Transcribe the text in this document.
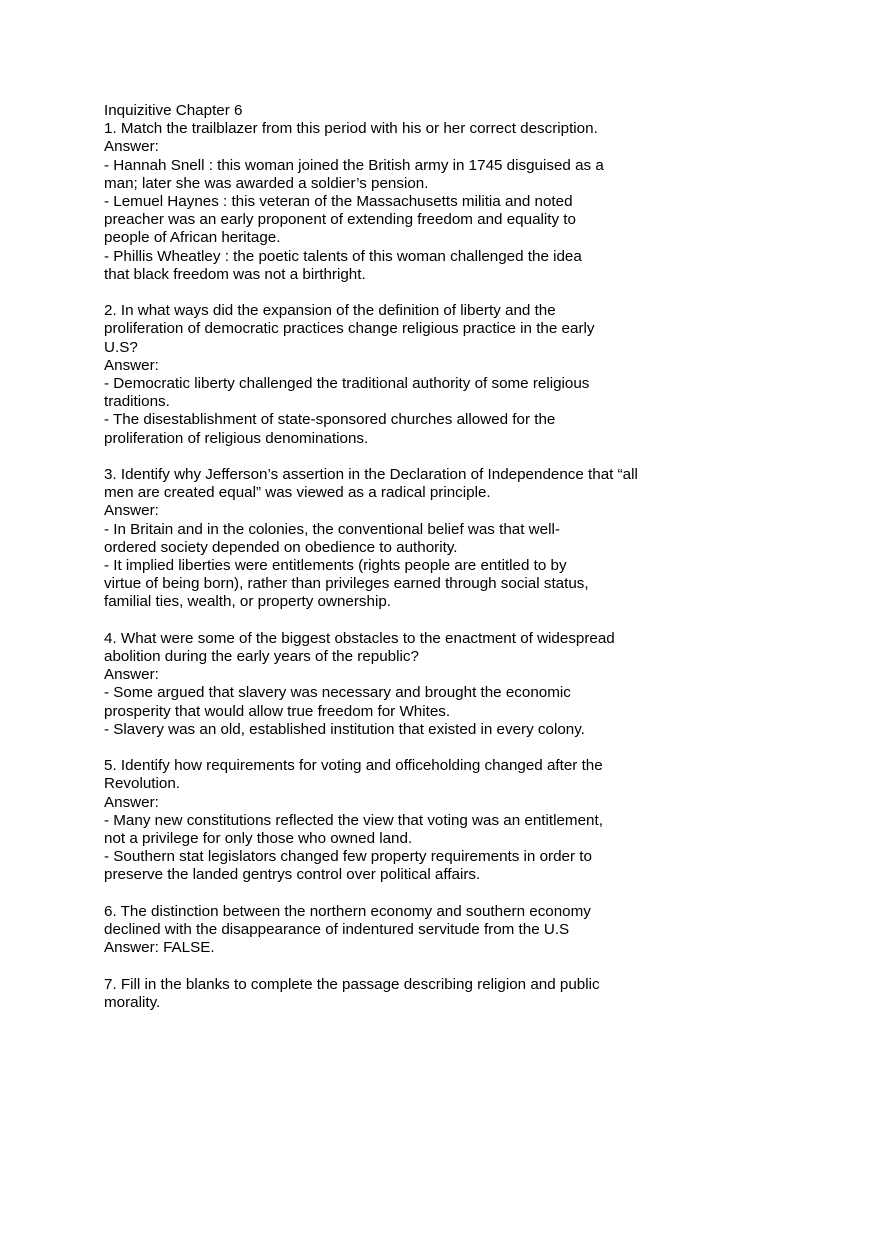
Inquizitive Chapter 6
1. Match the trailblazer from this period with his or her correct description.
Answer:
- Hannah Snell : this woman joined the British army in 1745 disguised as a
man; later she was awarded a soldier’s pension.
- Lemuel Haynes : this veteran of the Massachusetts militia and noted
preacher was an early proponent of extending freedom and equality to
people of African heritage.
- Phillis Wheatley : the poetic talents of this woman challenged the idea
that black freedom was not a birthright.
2. In what ways did the expansion of the definition of liberty and the
proliferation of democratic practices change religious practice in the early
U.S?
Answer:
- Democratic liberty challenged the traditional authority of some religious
traditions.
- The disestablishment of state-sponsored churches allowed for the
proliferation of religious denominations.
3. Identify why Jefferson’s assertion in the Declaration of Independence that “all
men are created equal” was viewed as a radical principle.
Answer:
- In Britain and in the colonies, the conventional belief was that well-
ordered society depended on obedience to authority.
- It implied liberties were entitlements (rights people are entitled to by
virtue of being born), rather than privileges earned through social status,
familial ties, wealth, or property ownership.
4. What were some of the biggest obstacles to the enactment of widespread
abolition during the early years of the republic?
Answer:
- Some argued that slavery was necessary and brought the economic
prosperity that would allow true freedom for Whites.
- Slavery was an old, established institution that existed in every colony.
5. Identify how requirements for voting and officeholding changed after the
Revolution.
Answer:
- Many new constitutions reflected the view that voting was an entitlement,
not a privilege for only those who owned land.
- Southern stat legislators changed few property requirements in order to
preserve the landed gentrys control over political affairs.
6. The distinction between the northern economy and southern economy
declined with the disappearance of indentured servitude from the U.S
Answer: FALSE.
7. Fill in the blanks to complete the passage describing religion and public
morality.
